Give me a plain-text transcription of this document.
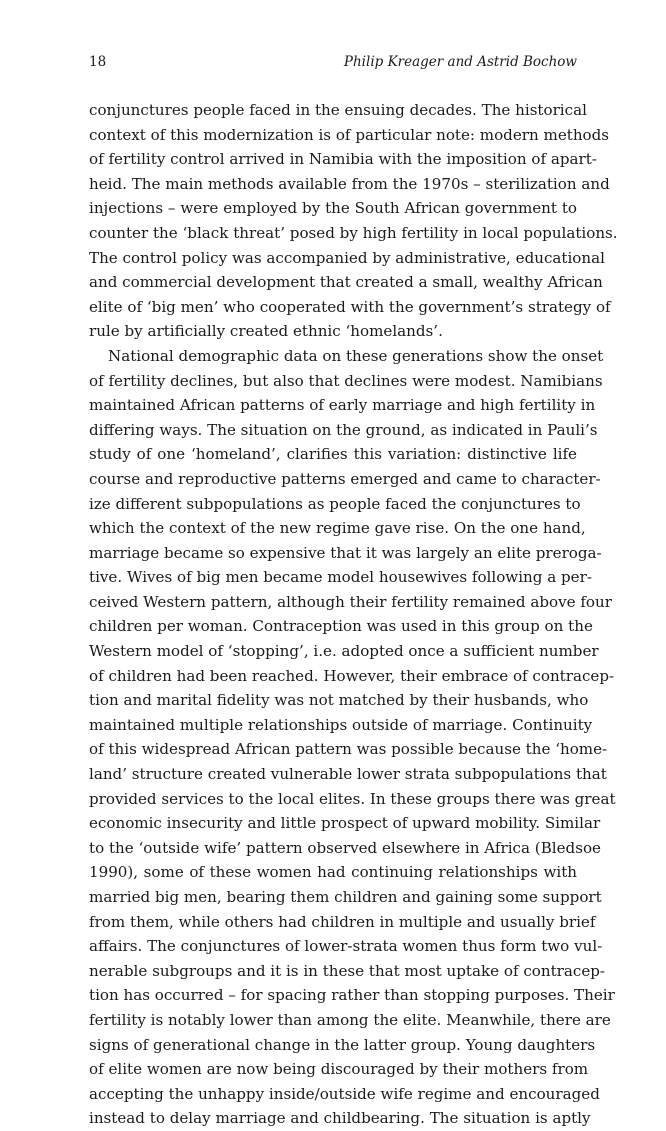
18	Philip Kreager and Astrid Bochow
conjunctures people faced in the ensuing decades. The historical
context of this modernization is of particular note: modern methods
of fertility control arrived in Namibia with the imposition of apart-
heid. The main methods available from the 1970s – sterilization and
injections – were employed by the South African government to
counter the ‘black threat’ posed by high fertility in local populations.
The control policy was accompanied by administrative, educational
and commercial development that created a small, wealthy African
elite of ‘big men’ who cooperated with the government’s strategy of
rule by artificially created ethnic ‘homelands’.
National demographic data on these generations show the onset
of fertility declines, but also that declines were modest. Namibians
maintained African patterns of early marriage and high fertility in
differing ways. The situation on the ground, as indicated in Pauli’s
study of one ‘homeland’, clarifies this variation: distinctive life
course and reproductive patterns emerged and came to character-
ize different subpopulations as people faced the conjunctures to
which the context of the new regime gave rise. On the one hand,
marriage became so expensive that it was largely an elite preroga-
tive. Wives of big men became model housewives following a per-
ceived Western pattern, although their fertility remained above four
children per woman. Contraception was used in this group on the
Western model of ‘stopping’, i.e. adopted once a sufficient number
of children had been reached. However, their embrace of contracep-
tion and marital fidelity was not matched by their husbands, who
maintained multiple relationships outside of marriage. Continuity
of this widespread African pattern was possible because the ‘home-
land’ structure created vulnerable lower strata subpopulations that
provided services to the local elites. In these groups there was great
economic insecurity and little prospect of upward mobility. Similar
to the ‘outside wife’ pattern observed elsewhere in Africa (Bledsoe
1990), some of these women had continuing relationships with
married big men, bearing them children and gaining some support
from them, while others had children in multiple and usually brief
affairs. The conjunctures of lower-strata women thus form two vul-
nerable subgroups and it is in these that most uptake of contracep-
tion has occurred – for spacing rather than stopping purposes. Their
fertility is notably lower than among the elite. Meanwhile, there are
signs of generational change in the latter group. Young daughters
of elite women are now being discouraged by their mothers from
accepting the unhappy inside/outside wife regime and encouraged
instead to delay marriage and childbearing. The situation is aptly
